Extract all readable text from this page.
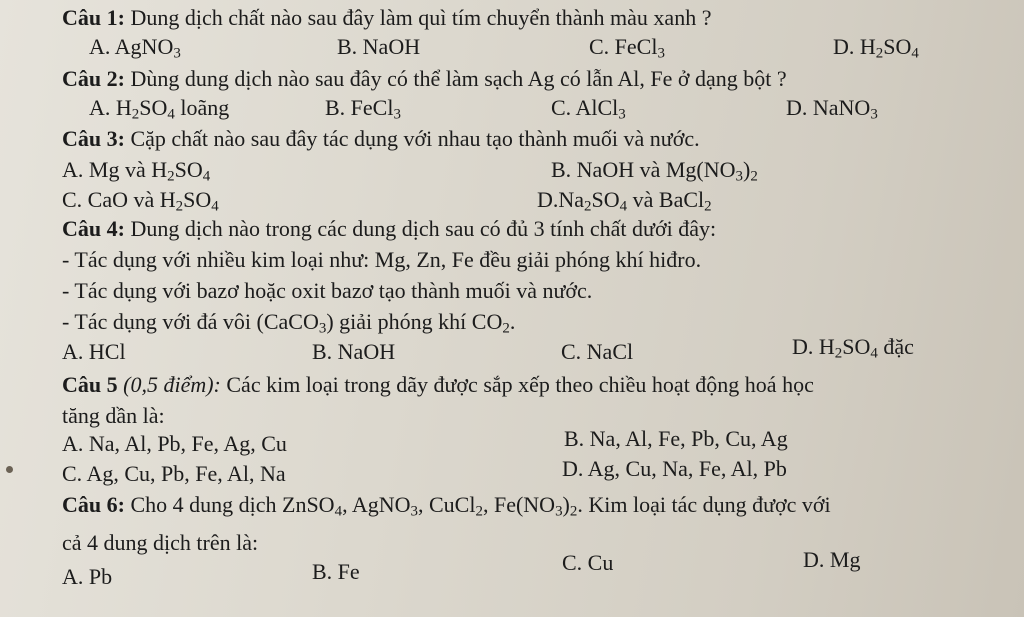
Câu 1: Dung dịch chất nào sau đây làm quì tím chuyển thành màu xanh ?
A. AgNO$_3$	B. NaOH	C. FeCl$_3$	D. $H_2SO_4$
Câu 2: Dùng dung dịch nào sau đây có thể làm sạch Ag có lẫn Al, Fe ở dạng bột ?
A. $H_2SO_4$ loãng	B. FeCl$_3$	C. AlCl$_3$	D. NaNO$_3$
Câu 3: Cặp chất nào sau đây tác dụng với nhau tạo thành muối và nước.
A. Mg và $H_2SO_4$	B. NaOH và $Mg(NO_3)_2$
C. CaO và $H_2SO_4$	$D.Na_2SO_4$ và BaCl$_2$
Câu 4: Dung dịch nào trong các dung dịch sau có đủ 3 tính chất dưới đây:
- Tác dụng với nhiều kim loại như: Mg, Zn, Fe đều giải phóng khí hiđro.
- Tác dụng với bazơ hoặc oxit bazơ tạo thành muối và nước.
- Tác dụng với đá vôi (CaCO$_3$) giải phóng khí $CO_2$.
A. HCl	B. NaOH	C. NaCl	D. $H_2SO_4$ đặc
Câu 5 (0,5 điểm): Các kim loại trong dãy được sắp xếp theo chiều hoạt động hoá học
tăng dần là:
A. Na, Al, Pb, Fe, Ag, Cu	B. Na, Al, Fe, Pb, Cu, Ag
C. Ag, Cu, Pb, Fe, Al, Na	D. Ag, Cu, Na, Fe, Al, Pb
Câu 6: Cho 4 dung dịch ZnSO$_4$, AgNO$_3$, CuCl$_2$, $Fe(NO_3)_2$. Kim loại tác dụng được với
cả 4 dung dịch trên là:
A. Pb	B. Fe	C. Cu	D. Mg
